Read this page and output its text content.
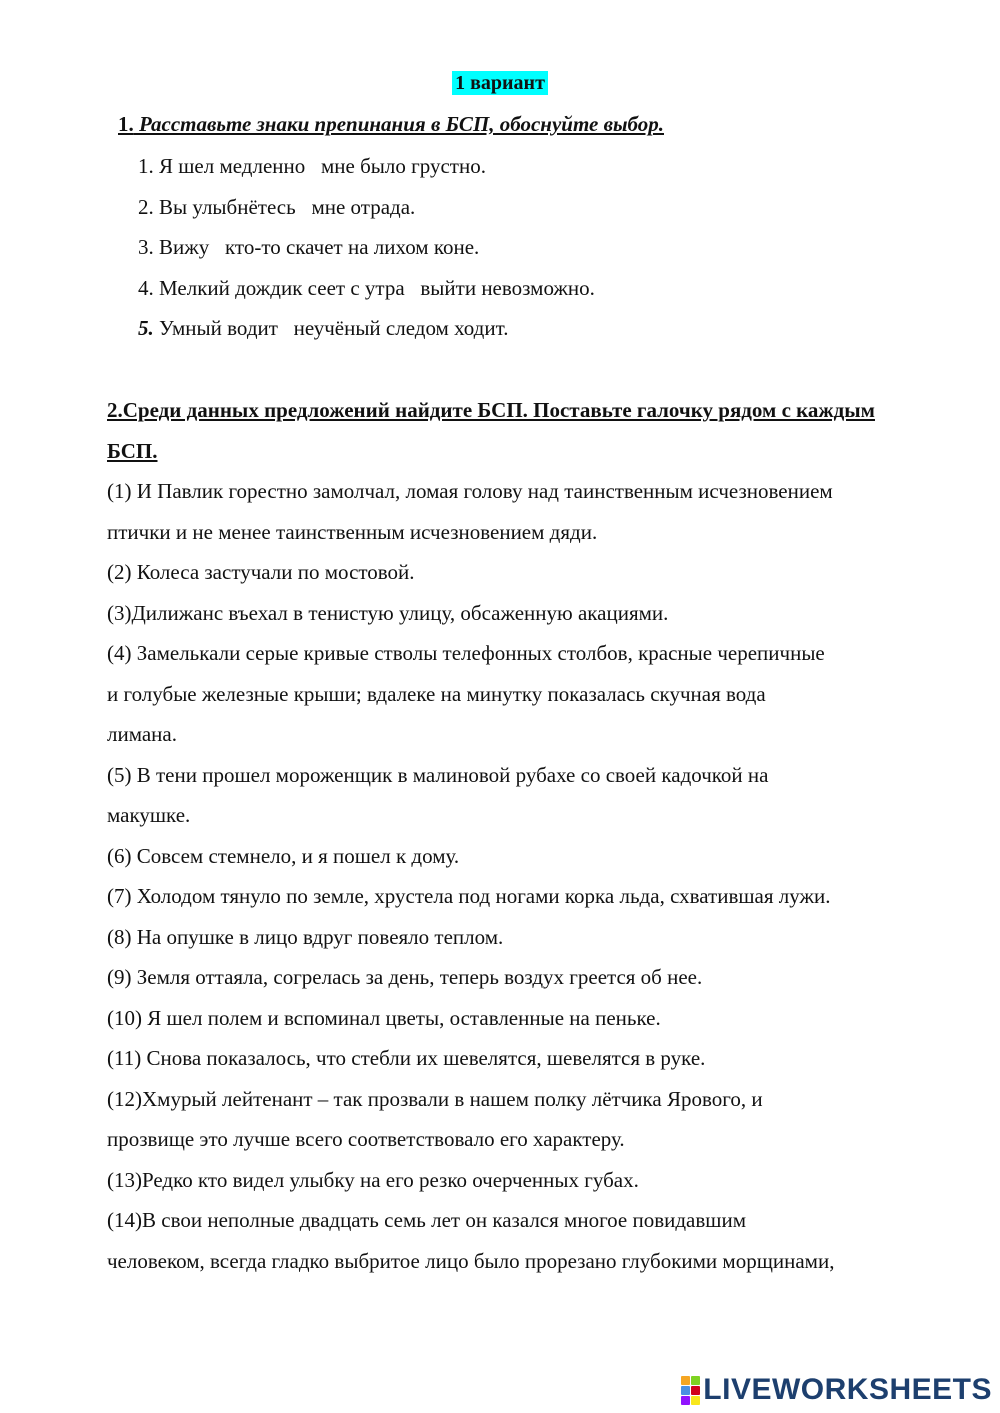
1 вариант
1. Расставьте знаки препинания в БСП, обоснуйте выбор.
1. Я шел медленно   мне было грустно.
2. Вы улыбнётесь   мне отрада.
3. Вижу   кто-то скачет на лихом коне.
4. Мелкий дождик сеет с утра   выйти невозможно.
5. Умный водит   неучёный следом ходит.
2.Среди данных предложений найдите БСП. Поставьте галочку рядом с каждым БСП.

(1) И Павлик горестно замолчал, ломая голову над таинственным исчезновением

птички и не менее таинственным исчезновением дяди.

(2) Колеса застучали по мостовой.

(3)Дилижанс въехал в тенистую улицу, обсаженную акациями.

(4) Замелькали серые кривые стволы телефонных столбов, красные черепичные

и голубые железные крыши; вдалеке на минутку показалась скучная вода

лимана.

(5) В тени прошел мороженщик в малиновой рубахе со своей кадочкой на

макушке.

(6) Совсем стемнело, и я пошел к дому.

(7) Холодом тянуло по земле, хрустела под ногами корка льда, схватившая лужи.

(8) На опушке в лицо вдруг повеяло теплом.

(9) Земля оттаяла, согрелась за день, теперь воздух греется об нее.

(10) Я шел полем и вспоминал цветы, оставленные на пеньке.

(11) Снова показалось, что стебли их шевелятся, шевелятся в руке.

(12)Хмурый лейтенант – так прозвали в нашем полку лётчика Ярового, и

прозвище это лучше всего соответствовало его характеру.

(13)Редко кто видел улыбку на его резко очерченных губах.

(14)В свои неполные двадцать семь лет он казался многое повидавшим

человеком, всегда гладко выбритое лицо было прорезано глубокими морщинами,

LIVEWORKSHEETS
